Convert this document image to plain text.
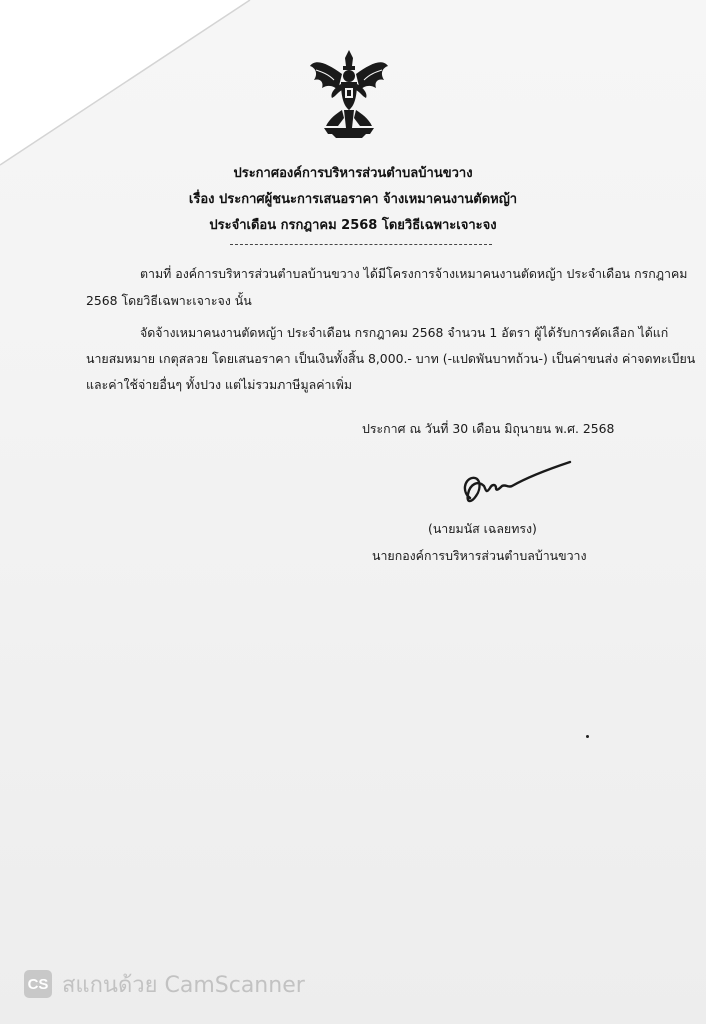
ประกาศองค์การบริหารส่วนตำบลบ้านขวาง
เรื่อง ประกาศผู้ชนะการเสนอราคา จ้างเหมาคนงานตัดหญ้า
ประจำเดือน กรกฎาคม 2568 โดยวิธีเฉพาะเจาะจง
ตามที่ องค์การบริหารส่วนตำบลบ้านขวาง ได้มีโครงการจ้างเหมาคนงานตัดหญ้า ประจำเดือน กรกฎาคม
2568 โดยวิธีเฉพาะเจาะจง นั้น
จัดจ้างเหมาคนงานตัดหญ้า ประจำเดือน กรกฎาคม 2568 จำนวน 1 อัตรา ผู้ได้รับการคัดเลือก ได้แก่
นายสมหมาย เกตุสลวย โดยเสนอราคา เป็นเงินทั้งสิ้น 8,000.- บาท (-แปดพันบาทถ้วน-) เป็นค่าขนส่ง ค่าจดทะเบียน
และค่าใช้จ่ายอื่นๆ ทั้งปวง แต่ไม่รวมภาษีมูลค่าเพิ่ม
ประกาศ ณ วันที่ 30 เดือน มิถุนายน พ.ศ. 2568
(นายมนัส เฉลยทรง)
นายกองค์การบริหารส่วนตำบลบ้านขวาง
CS สแกนด้วย CamScanner
